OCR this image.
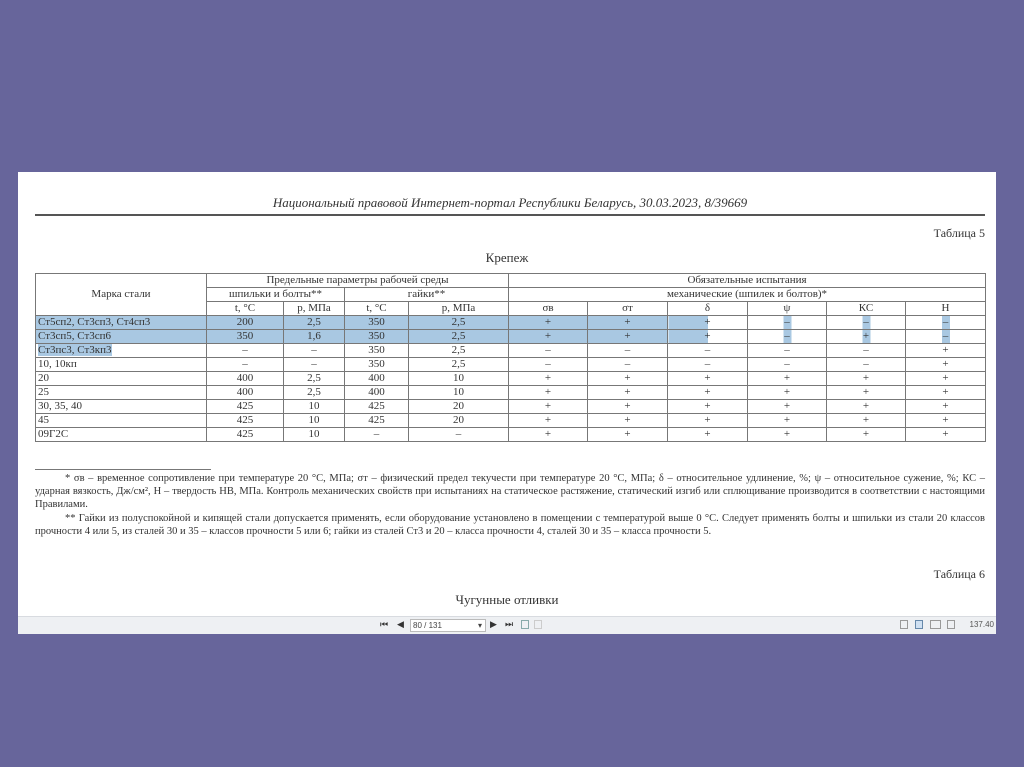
Национальный правовой Интернет-портал Республики Беларусь, 30.03.2023, 8/39669
Таблица 5
Крепеж
Марка стали	Предельные параметры рабочей среды				Обязательные испытания					
	шпильки и болты**		гайки**		механические (шпилек и болтов)*					
	t, °С	p, МПа	t, °С	p, МПа	σв	σт	δ	ψ	КС	Н
Ст5сп2, Ст3сп3, Ст4сп3	200	2,5	350	2,5	+	+	+	–	–	–
Ст3сп5, Ст3сп6	350	1,6	350	2,5	+	+	+	–	+	–
Ст3пс3, Ст3кп3	–	–	350	2,5	–	–	–	–	–	+
10, 10кп	–	–	350	2,5	–	–	–	–	–	+
20	400	2,5	400	10	+	+	+	+	+	+
25	400	2,5	400	10	+	+	+	+	+	+
30, 35, 40	425	10	425	20	+	+	+	+	+	+
45	425	10	425	20	+	+	+	+	+	+
09Г2С	425	10	–	–	+	+	+	+	+	+
* σв – временное сопротивление при температуре 20 °С, МПа; σт – физический предел текучести при температуре 20 °С, МПа; δ – относительное удлинение, %; ψ – относительное сужение, %; КС – ударная вязкость, Дж/см², Н – твердость НВ, МПа. Контроль механических свойств при испытаниях на статическое растяжение, статический изгиб или сплющивание производится в соответствии с настоящими Правилами.
** Гайки из полуспокойной и кипящей стали допускается применять, если оборудование установлено в помещении с температурой выше 0 °С. Следует применять болты и шпильки из стали 20 классов прочности 4 или 5, из сталей 30 и 35 – классов прочности 5 или 6; гайки из сталей Ст3 и 20 – класса прочности 4, сталей 30 и 35 – класса прочности 5.
Таблица 6
Чугунные отливки
⏮ ◀	80 / 131	▾ ▶ ⏭	137.40
